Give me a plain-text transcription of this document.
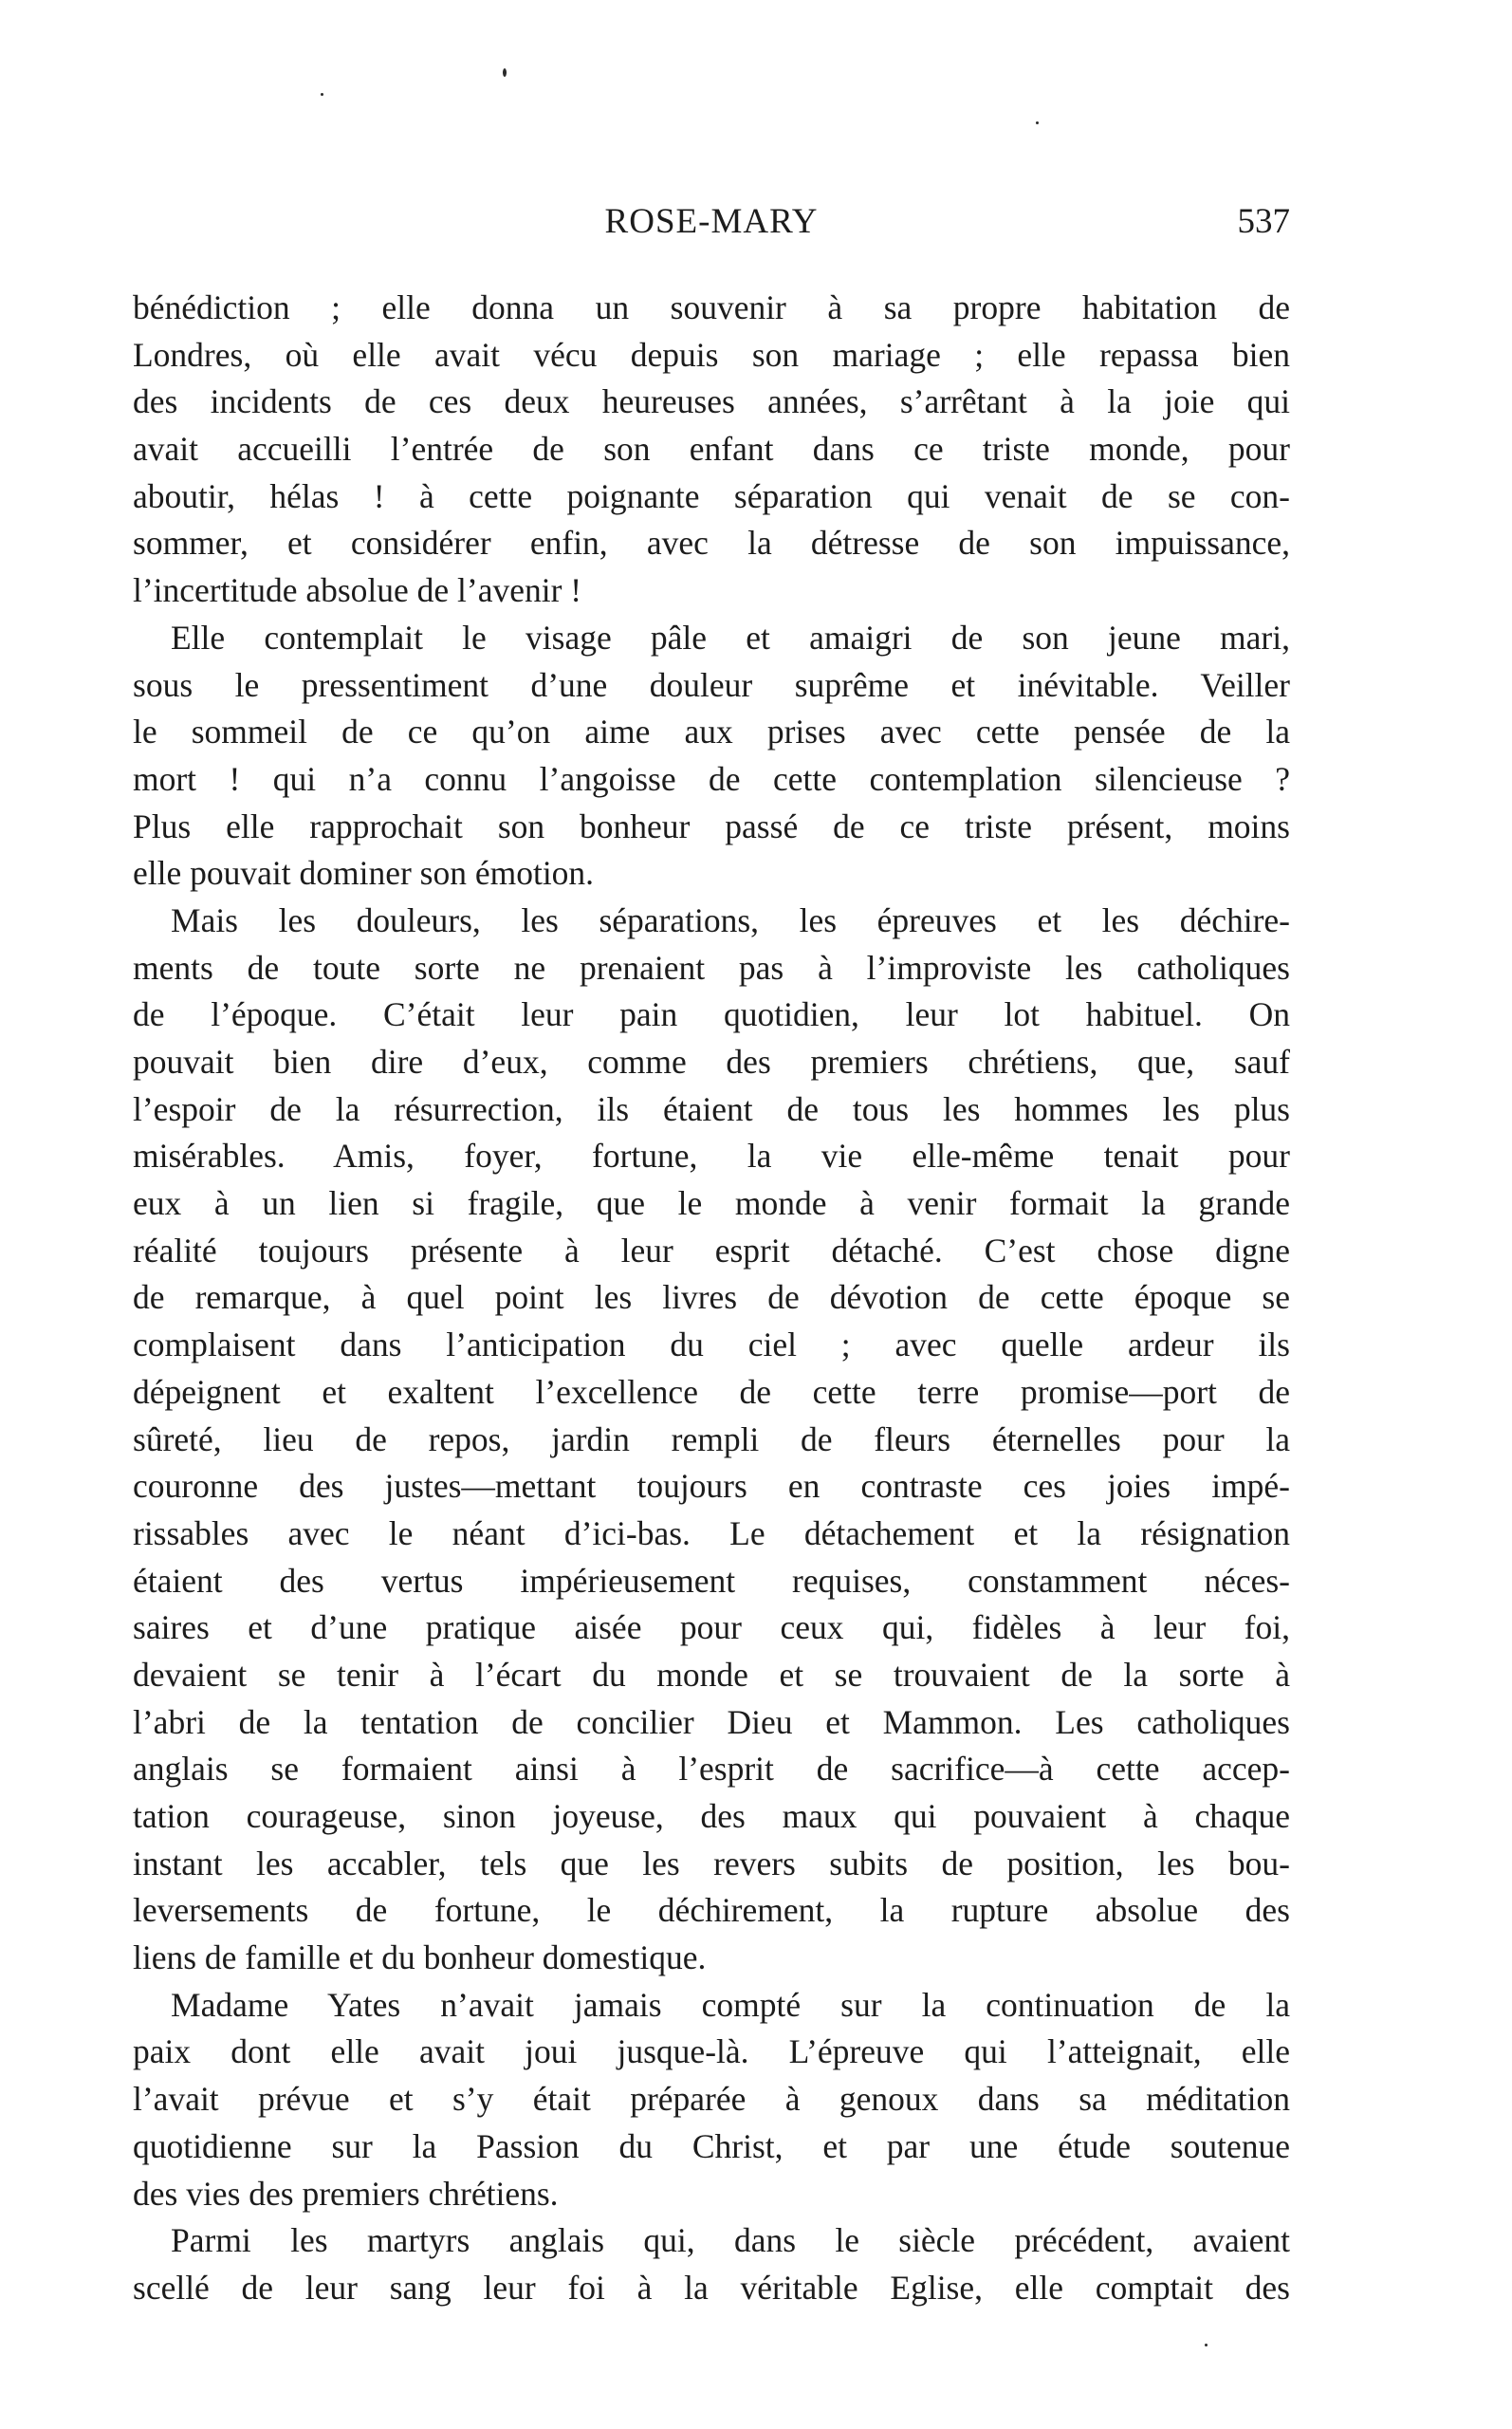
ROSE-MARY	537

bénédiction ; elle donna un souvenir à sa propre habitation de
Londres, où elle avait vécu depuis son mariage ; elle repassa bien
des incidents de ces deux heureuses années, s’arrêtant à la joie qui
avait accueilli l’entrée de son enfant dans ce triste monde, pour
aboutir, hélas ! à cette poignante séparation qui venait de se con-
sommer, et considérer enfin, avec la détresse de son impuissance,
l’incertitude absolue de l’avenir !

Elle contemplait le visage pâle et amaigri de son jeune mari,
sous le pressentiment d’une douleur suprême et inévitable. Veiller
le sommeil de ce qu’on aime aux prises avec cette pensée de la
mort ! qui n’a connu l’angoisse de cette contemplation silencieuse ?
Plus elle rapprochait son bonheur passé de ce triste présent, moins
elle pouvait dominer son émotion.

Mais les douleurs, les séparations, les épreuves et les déchire-
ments de toute sorte ne prenaient pas à l’improviste les catholiques
de l’époque. C’était leur pain quotidien, leur lot habituel. On
pouvait bien dire d’eux, comme des premiers chrétiens, que, sauf
l’espoir de la résurrection, ils étaient de tous les hommes les plus
misérables. Amis, foyer, fortune, la vie elle-même tenait pour
eux à un lien si fragile, que le monde à venir formait la grande
réalité toujours présente à leur esprit détaché. C’est chose digne
de remarque, à quel point les livres de dévotion de cette époque se
complaisent dans l’anticipation du ciel ; avec quelle ardeur ils
dépeignent et exaltent l’excellence de cette terre promise—port de
sûreté, lieu de repos, jardin rempli de fleurs éternelles pour la
couronne des justes—mettant toujours en contraste ces joies impé-
rissables avec le néant d’ici-bas. Le détachement et la résignation
étaient des vertus impérieusement requises, constamment néces-
saires et d’une pratique aisée pour ceux qui, fidèles à leur foi,
devaient se tenir à l’écart du monde et se trouvaient de la sorte à
l’abri de la tentation de concilier Dieu et Mammon. Les catholiques
anglais se formaient ainsi à l’esprit de sacrifice—à cette accep-
tation courageuse, sinon joyeuse, des maux qui pouvaient à chaque
instant les accabler, tels que les revers subits de position, les bou-
leversements de fortune, le déchirement, la rupture absolue des
liens de famille et du bonheur domestique.

Madame Yates n’avait jamais compté sur la continuation de la
paix dont elle avait joui jusque-là. L’épreuve qui l’atteignait, elle
l’avait prévue et s’y était préparée à genoux dans sa méditation
quotidienne sur la Passion du Christ, et par une étude soutenue
des vies des premiers chrétiens.

Parmi les martyrs anglais qui, dans le siècle précédent, avaient
scellé de leur sang leur foi à la véritable Eglise, elle comptait des
